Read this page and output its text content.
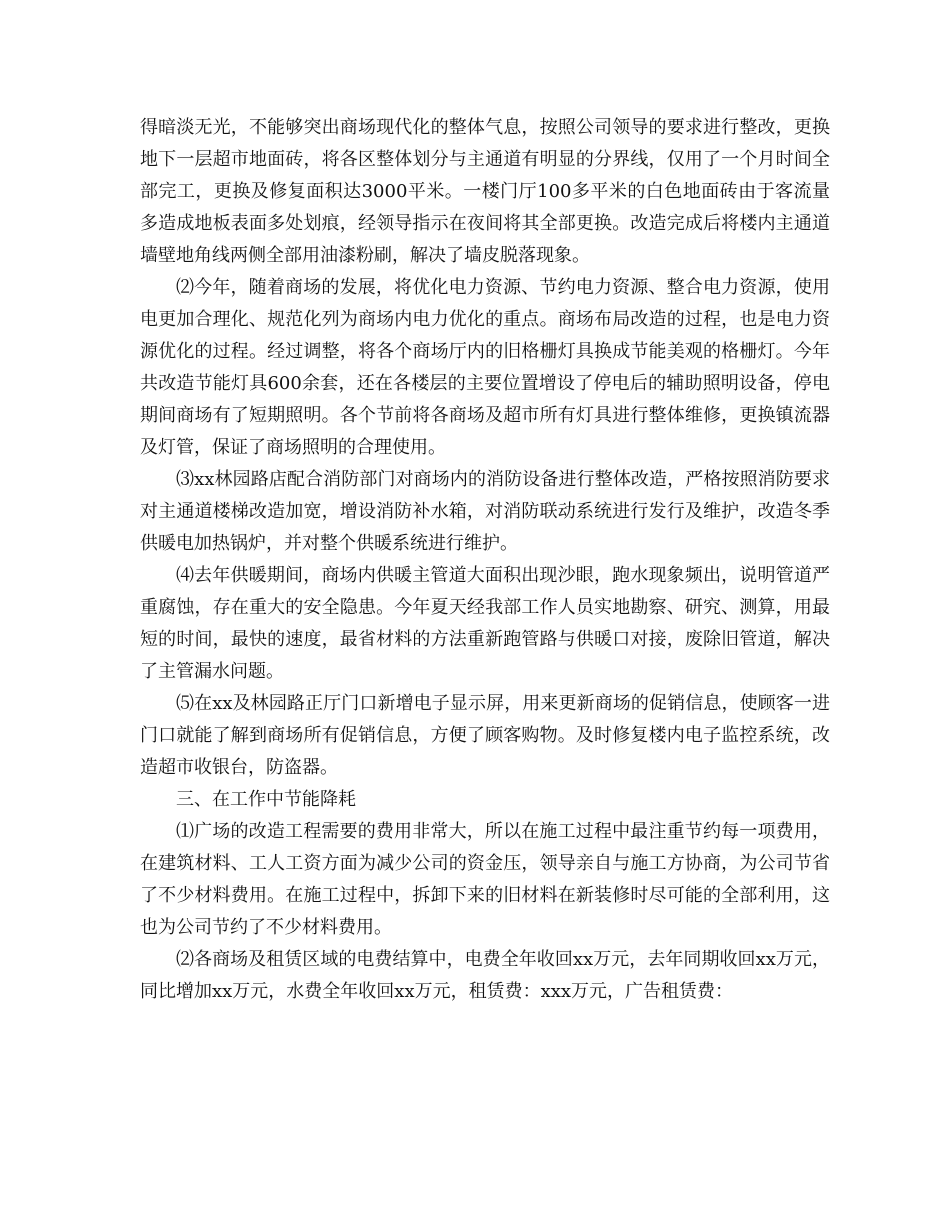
得暗淡无光，不能够突出商场现代化的整体气息，按照公司领导的要求进行整改，更换地下一层超市地面砖，将各区整体划分与主通道有明显的分界线，仅用了一个月时间全部完工，更换及修复面积达3000平米。一楼门厅100多平米的白色地面砖由于客流量多造成地板表面多处划痕，经领导指示在夜间将其全部更换。改造完成后将楼内主通道墙壁地角线两侧全部用油漆粉刷，解决了墙皮脱落现象。

⑵今年，随着商场的发展，将优化电力资源、节约电力资源、整合电力资源，使用电更加合理化、规范化列为商场内电力优化的重点。商场布局改造的过程，也是电力资源优化的过程。经过调整，将各个商场厅内的旧格栅灯具换成节能美观的格栅灯。今年共改造节能灯具600余套，还在各楼层的主要位置增设了停电后的辅助照明设备，停电期间商场有了短期照明。各个节前将各商场及超市所有灯具进行整体维修，更换镇流器及灯管，保证了商场照明的合理使用。

⑶xx林园路店配合消防部门对商场内的消防设备进行整体改造，严格按照消防要求对主通道楼梯改造加宽，增设消防补水箱，对消防联动系统进行发行及维护，改造冬季供暖电加热锅炉，并对整个供暖系统进行维护。

⑷去年供暖期间，商场内供暖主管道大面积出现沙眼，跑水现象频出，说明管道严重腐蚀，存在重大的安全隐患。今年夏天经我部工作人员实地勘察、研究、测算，用最短的时间，最快的速度，最省材料的方法重新跑管路与供暖口对接，废除旧管道，解决了主管漏水问题。

⑸在xx及林园路正厅门口新增电子显示屏，用来更新商场的促销信息，使顾客一进门口就能了解到商场所有促销信息，方便了顾客购物。及时修复楼内电子监控系统，改造超市收银台，防盗器。

三、在工作中节能降耗

⑴广场的改造工程需要的费用非常大，所以在施工过程中最注重节约每一项费用，在建筑材料、工人工资方面为减少公司的资金压，领导亲自与施工方协商，为公司节省了不少材料费用。在施工过程中，拆卸下来的旧材料在新装修时尽可能的全部利用，这也为公司节约了不少材料费用。

⑵各商场及租赁区域的电费结算中，电费全年收回xx万元，去年同期收回xx万元，同比增加xx万元，水费全年收回xx万元，租赁费：xxx万元，广告租赁费：
